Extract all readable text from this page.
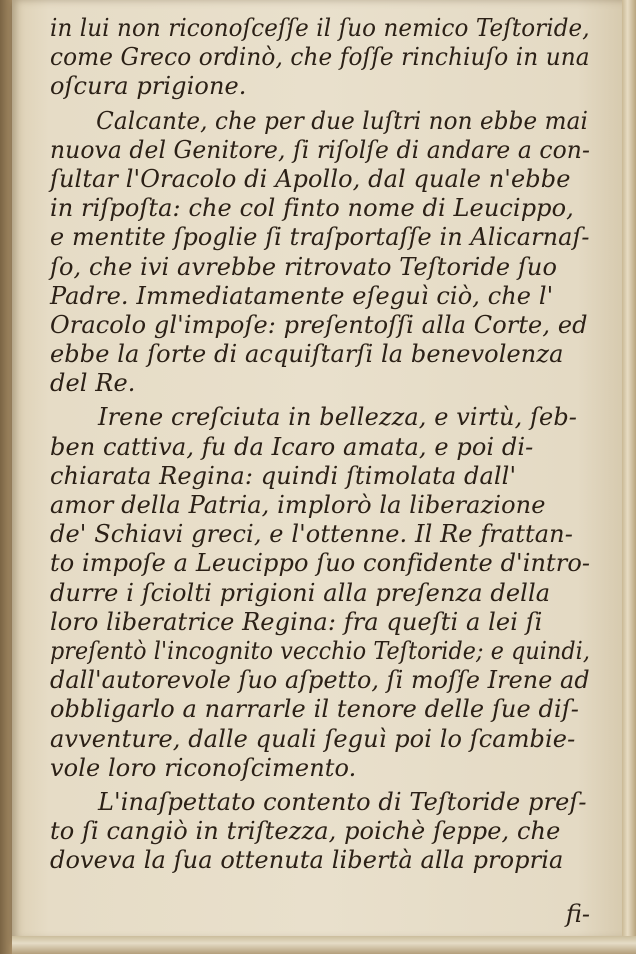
in lui non riconoſceſſe il ſuo nemico Teſtoride,
come Greco ordinò, che foſſe rinchiuſo in una
oſcura prigione.
Calcante, che per due luſtri non ebbe mai
nuova del Genitore, ſi riſolſe di andare a con-
ſultar l'Oracolo di Apollo, dal quale n'ebbe
in riſpoſta: che col finto nome di Leucippo,
e mentite ſpoglie ſi traſportaſſe in Alicarnaſ-
ſo, che ivi avrebbe ritrovato Teſtoride ſuo
Padre. Immediatamente eſeguì ciò, che l'
Oracolo gl'impoſe: preſentoſſi alla Corte, ed
ebbe la ſorte di acquiſtarſi la benevolenza
del Re.
Irene creſciuta in bellezza, e virtù, ſeb-
ben cattiva, fu da Icaro amata, e poi di-
chiarata Regina: quindi ſtimolata dall'
amor della Patria, implorò la liberazione
de' Schiavi greci, e l'ottenne. Il Re frattan-
to impoſe a Leucippo ſuo confidente d'intro-
durre i ſciolti prigioni alla preſenza della
loro liberatrice Regina: fra queſti a lei ſi
preſentò l'incognito vecchio Teſtoride; e quindi,
dall'autorevole ſuo aſpetto, ſi moſſe Irene ad
obbligarlo a narrarle il tenore delle ſue diſ-
avventure, dalle quali ſeguì poi lo ſcambie-
vole loro riconoſcimento.
L'inaſpettato contento di Teſtoride preſ-
to ſi cangiò in triſtezza, poichè ſeppe, che
doveva la ſua ottenuta libertà alla propria
fi-
